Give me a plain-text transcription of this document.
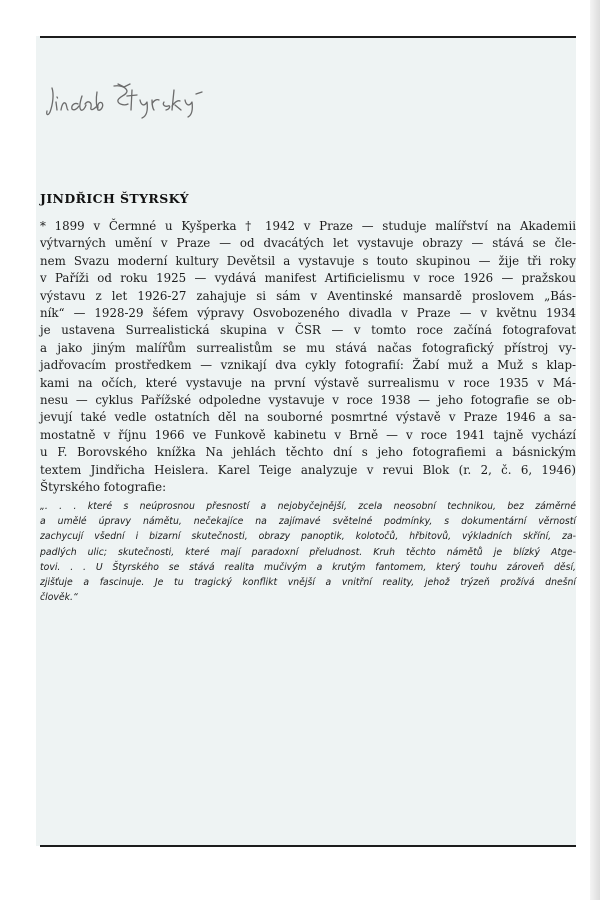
JINDŘICH ŠTYRSKÝ
* 1899 v Čermné u Kyšperka † 1942 v Praze — studuje malířství na Akademii
výtvarných umění v Praze — od dvacátých let vystavuje obrazy — stává se čle-
nem Svazu moderní kultury Devětsil a vystavuje s touto skupinou — žije tři roky
v Paříži od roku 1925 — vydává manifest Artificielismu v roce 1926 — pražskou
výstavu z let 1926-27 zahajuje si sám v Aventinské mansardě proslovem „Bás-
ník“ — 1928-29 šéfem výpravy Osvobozeného divadla v Praze — v květnu 1934
je ustavena Surrealistická skupina v ČSR — v tomto roce začíná fotografovat
a jako jiným malířům surrealistům se mu stává načas fotografický přístroj vy-
jadřovacím prostředkem — vznikají dva cykly fotografií: Žabí muž a Muž s klap-
kami na očích, které vystavuje na první výstavě surrealismu v roce 1935 v Má-
nesu — cyklus Pařížské odpoledne vystavuje v roce 1938 — jeho fotografie se ob-
jevují také vedle ostatních děl na souborné posmrtné výstavě v Praze 1946 a sa-
mostatně v říjnu 1966 ve Funkově kabinetu v Brně — v roce 1941 tajně vychází
u F. Borovského knížka Na jehlách těchto dní s jeho fotografiemi a básnickým
textem Jindřicha Heislera. Karel Teige analyzuje v revui Blok (r. 2, č. 6, 1946)
Štyrského fotografie:
„. . . které s neúprosnou přesností a nejobyčejnější, zcela neosobní technikou, bez záměrné
a umělé úpravy námětu, nečekajíce na zajímavé světelné podmínky, s dokumentární věrností
zachycují všední i bizarní skutečnosti, obrazy panoptik, kolotočů, hřbitovů, výkladních skříní, za-
padlých ulic; skutečnosti, které mají paradoxní přeludnost. Kruh těchto námětů je blízký Atge-
tovi. . . U Štyrského se stává realita mučivým a krutým fantomem, který touhu zároveň děsí,
zjišťuje a fascinuje. Je tu tragický konflikt vnější a vnitřní reality, jehož trýzeň prožívá dnešní
člověk.“
